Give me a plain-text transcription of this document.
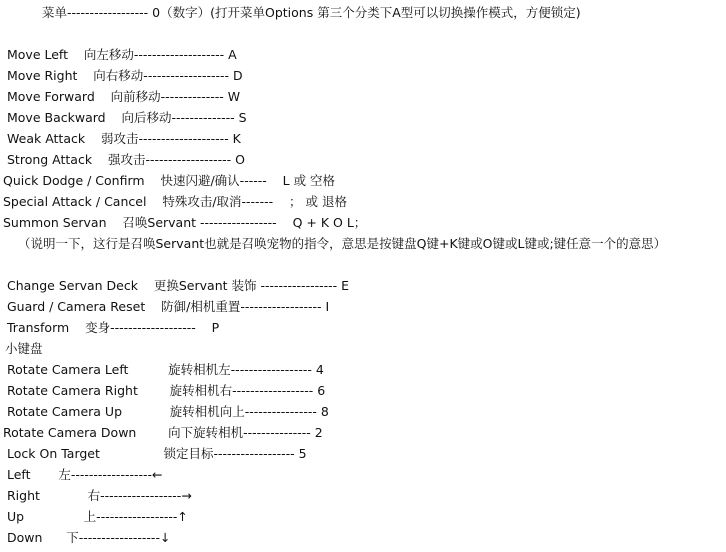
菜单------------------ 0（数字）(打开菜单Options 第三个分类下A型可以切换操作模式，方便锁定)
Move Left    向左移动-------------------- A
Move Right    向右移动------------------- D
Move Forward    向前移动-------------- W
Move Backward    向后移动-------------- S
Weak Attack    弱攻击-------------------- K
Strong Attack    强攻击------------------- O
Quick Dodge / Confirm    快速闪避/确认------    L 或 空格
Special Attack / Cancel    特殊攻击/取消-------    ； 或 退格
Summon Servan    召唤Servant -----------------    Q + K O L；
（说明一下，这行是召唤Servant也就是召唤宠物的指令，意思是按键盘Q键+K键或O键或L键或;键任意一个的意思）
Change Servan Deck    更换Servant 装饰 ----------------- E
Guard / Camera Reset    防御/相机重置------------------ I
Transform    变身-------------------    P
小键盘
Rotate Camera Left          旋转相机左------------------ 4
Rotate Camera Right        旋转相机右------------------ 6
Rotate Camera Up            旋转相机向上---------------- 8
Rotate Camera Down        向下旋转相机--------------- 2
Lock On Target                锁定目标------------------ 5
Left       左------------------←
Right            右------------------→
Up               上------------------↑
Down      下------------------↓
